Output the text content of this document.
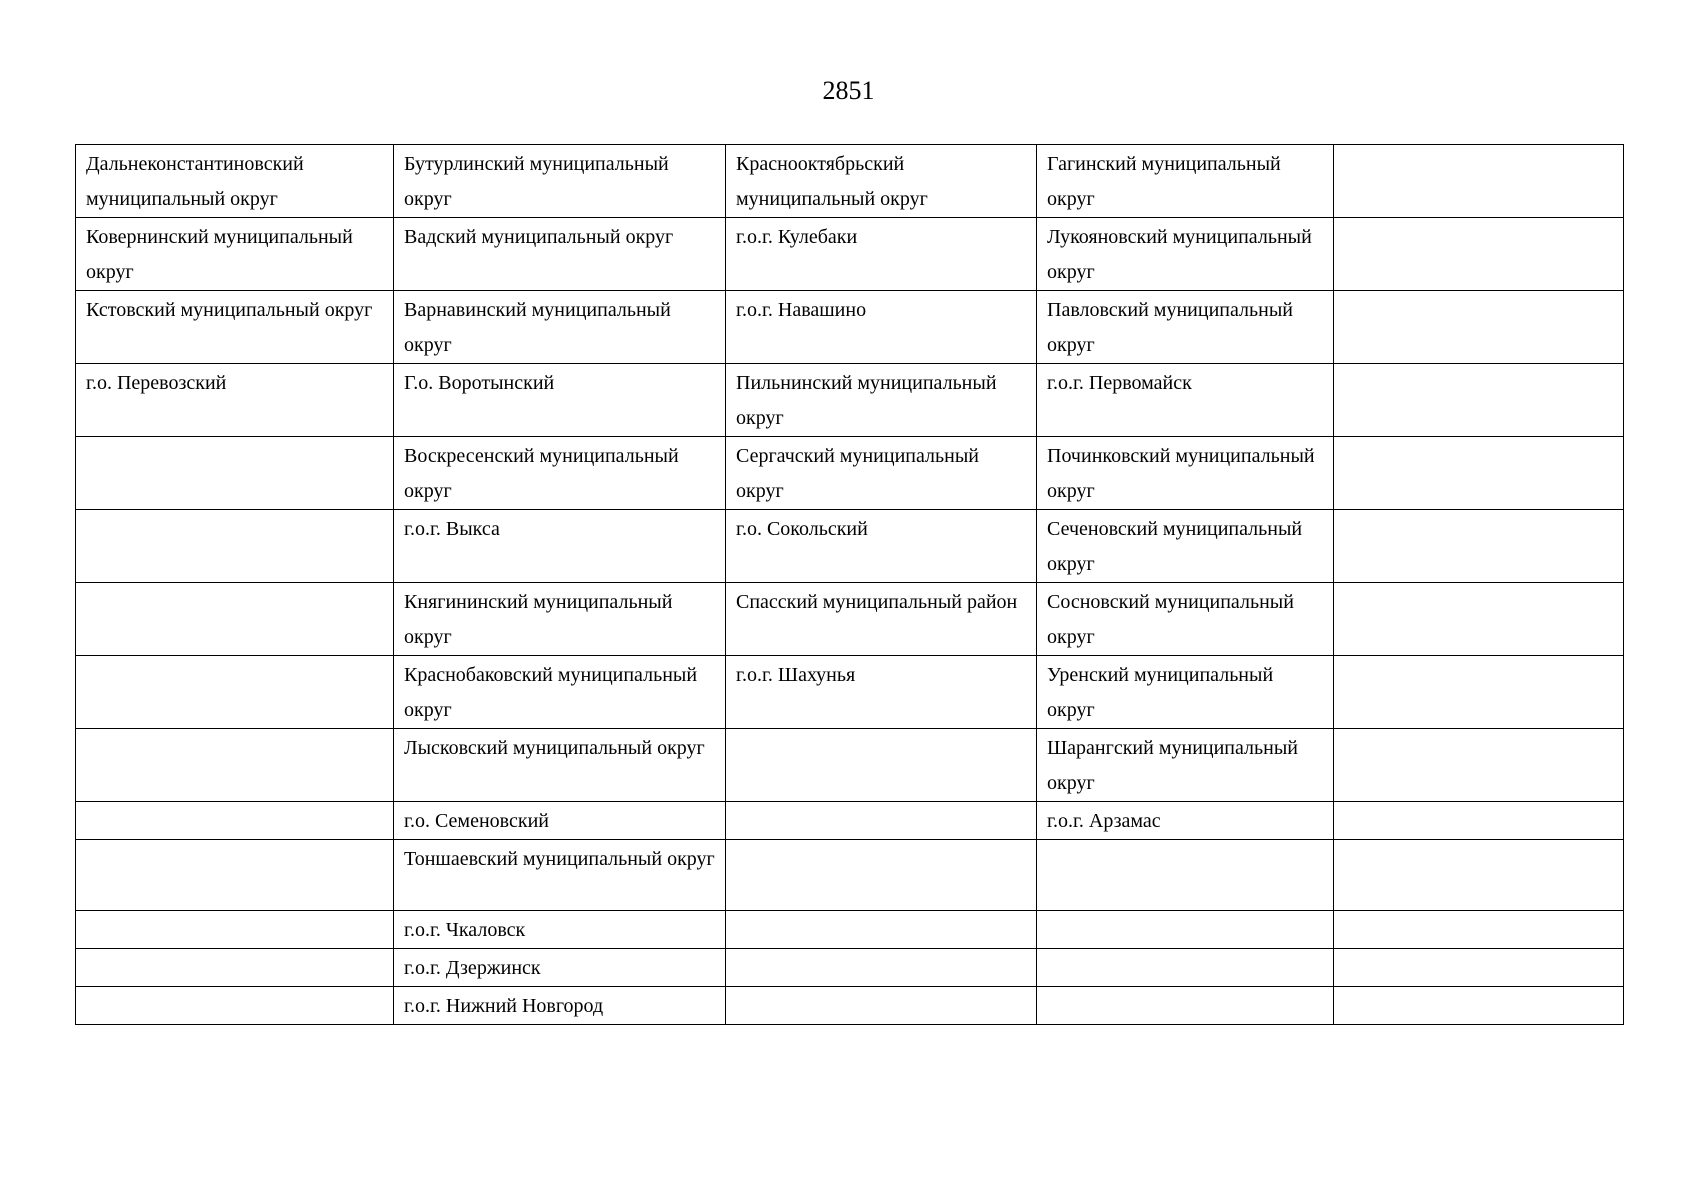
2851
Дальнеконстантиновский муниципальный округ	Бутурлинский муниципальный округ	Краснооктябрьский муниципальный округ	Гагинский муниципальный округ	
Ковернинский муниципальный округ	Вадский муниципальный округ	г.о.г. Кулебаки	Лукояновский муниципальный округ	
Кстовский муниципальный округ	Варнавинский муниципальный округ	г.о.г. Навашино	Павловский муниципальный округ	
г.о. Перевозский	Г.о. Воротынский	Пильнинский муниципальный округ	г.о.г. Первомайск	
	Воскресенский муниципальный округ	Сергачский муниципальный округ	Починковский муниципальный округ	
	г.о.г. Выкса	г.о. Сокольский	Сеченовский муниципальный округ	
	Княгининский муниципальный округ	Спасский муниципальный район	Сосновский муниципальный округ	
	Краснобаковский муниципальный округ	г.о.г. Шахунья	Уренский муниципальный округ	
	Лысковский муниципальный округ		Шарангский муниципальный округ	
	г.о. Семеновский		г.о.г. Арзамас	
	Тоншаевский муниципальный округ			
	г.о.г. Чкаловск			
	г.о.г. Дзержинск			
	г.о.г. Нижний Новгород			
